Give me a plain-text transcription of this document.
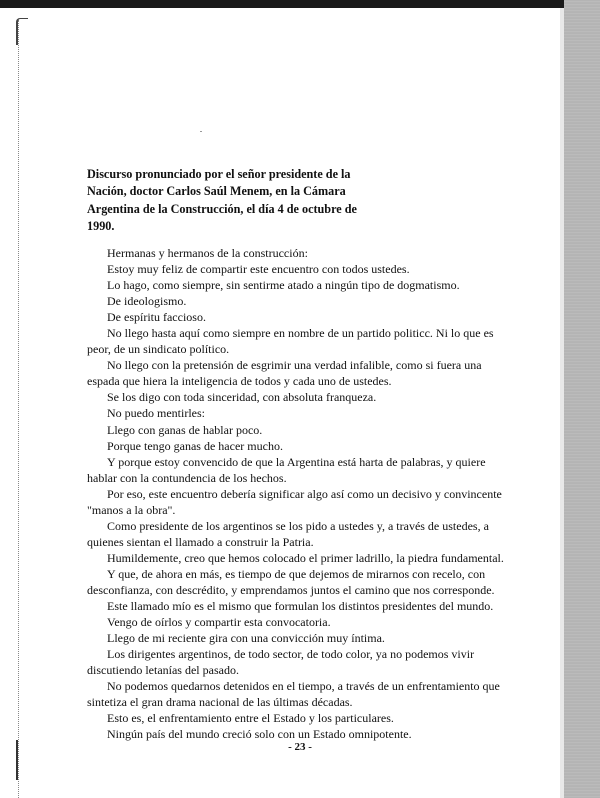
Discurso pronunciado por el señor presidente de la Nación, doctor Carlos Saúl Menem, en la Cámara Argentina de la Construcción, el día 4 de octubre de 1990.

Hermanas y hermanos de la construcción:

Estoy muy feliz de compartir este encuentro con todos ustedes.

Lo hago, como siempre, sin sentirme atado a ningún tipo de dogmatismo.

De ideologismo.

De espíritu faccioso.

No llego hasta aquí como siempre en nombre de un partido politicc. Ni lo que es peor, de un sindicato político.

No llego con la pretensión de esgrimir una verdad infalible, como si fuera una espada que hiera la inteligencia de todos y cada uno de ustedes.

Se los digo con toda sinceridad, con absoluta franqueza.

No puedo mentirles:

Llego con ganas de hablar poco.

Porque tengo ganas de hacer mucho.

Y porque estoy convencido de que la Argentina está harta de palabras, y quiere hablar con la contundencia de los hechos.

Por eso, este encuentro debería significar algo así como un decisivo y convincente "manos a la obra".

Como presidente de los argentinos se los pido a ustedes y, a través de ustedes, a quienes sientan el llamado a construir la Patria.

Humildemente, creo que hemos colocado el primer ladrillo, la piedra fundamental.

Y que, de ahora en más, es tiempo de que dejemos de mirarnos con recelo, con desconfianza, con descrédito, y emprendamos juntos el camino que nos corresponde.

Este llamado mío es el mismo que formulan los distintos presidentes del mundo.

Vengo de oírlos y compartir esta convocatoria.

Llego de mi reciente gira con una convicción muy íntima.

Los dirigentes argentinos, de todo sector, de todo color, ya no podemos vivir discutiendo letanías del pasado.

No podemos quedarnos detenidos en el tiempo, a través de un enfrentamiento que sintetiza el gran drama nacional de las últimas décadas.

Esto es, el enfrentamiento entre el Estado y los particulares.

Ningún país del mundo creció solo con un Estado omnipotente.

- 23 -
